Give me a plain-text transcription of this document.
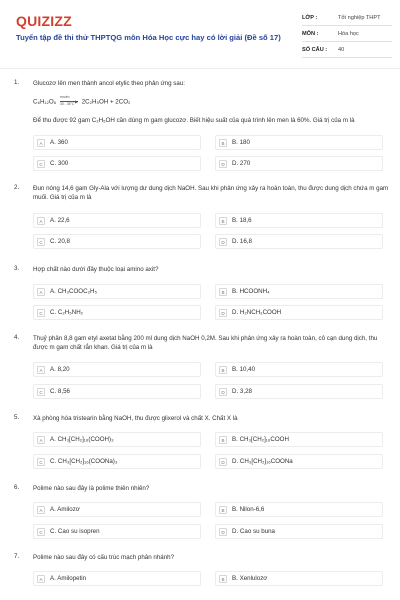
QUIZIZZ
Tuyển tập đề thi thử THPTQG môn Hóa Học cực hay có lời giải (Đề số 17)
LỚP :	Tốt nghiệp THPT
MÔN :	Hóa học
SỐ CÂU : 40
1. Glucozơ lên men thành ancol etylic theo phản ứng sau:
C₆H₁₂O₆
enzim
▶
30 - 35°C 2C₂H₅OH + 2CO₂
Để thu được 92 gam C₂H₅OH cần dùng m gam glucozơ. Biết hiệu suất của quá trình lên men là 60%. Giá trị của m là
A	A. 360	B	B. 180
C	C. 300	D	D. 270
2. Đun nóng 14,6 gam Gly-Ala với lượng dư dung dịch NaOH. Sau khi phản ứng xảy ra hoàn toàn, thu được dung dịch chứa m gam muối. Giá trị của m là
A	A. 22,6	B	B. 18,6
C	C. 20,8	D	D. 16,8
3. Hợp chất nào dưới đây thuộc loại amino axit?
A	A. CH₃COOC₂H₅	B	B. HCOONH₄
C	C. C₂H₅NH₂	D	D. H₂NCH₂COOH
4. Thuỷ phân 8,8 gam etyl axetat bằng 200 ml dung dịch NaOH 0,2M. Sau khi phản ứng xảy ra hoàn toàn, cô cạn dung dịch, thu được m gam chất rắn khan. Giá trị của m là
A	A. 8,20	B	B. 10,40
C	C. 8,56	D	D. 3,28
5. Xà phòng hóa tristearin bằng NaOH, thu được glixerol và chất X. Chất X là
A	A. CH₃[CH₂]₁₆(COOH)₃	B	B. CH₃[CH₂]₁₆COOH
C	C. CH₃[CH₂]₁₆(COONa)₃	D	D. CH₃[CH₂]₁₆COONa
6. Polime nào sau đây là polime thiên nhiên?
A	A. Amilozơ	B	B. Nilon-6,6
C	C. Cao su isopren	D	D. Cao su buna
7. Polime nào sau đây có cấu trúc mạch phân nhánh?
A	A. Amilopetin	B	B. Xenlulozơ
